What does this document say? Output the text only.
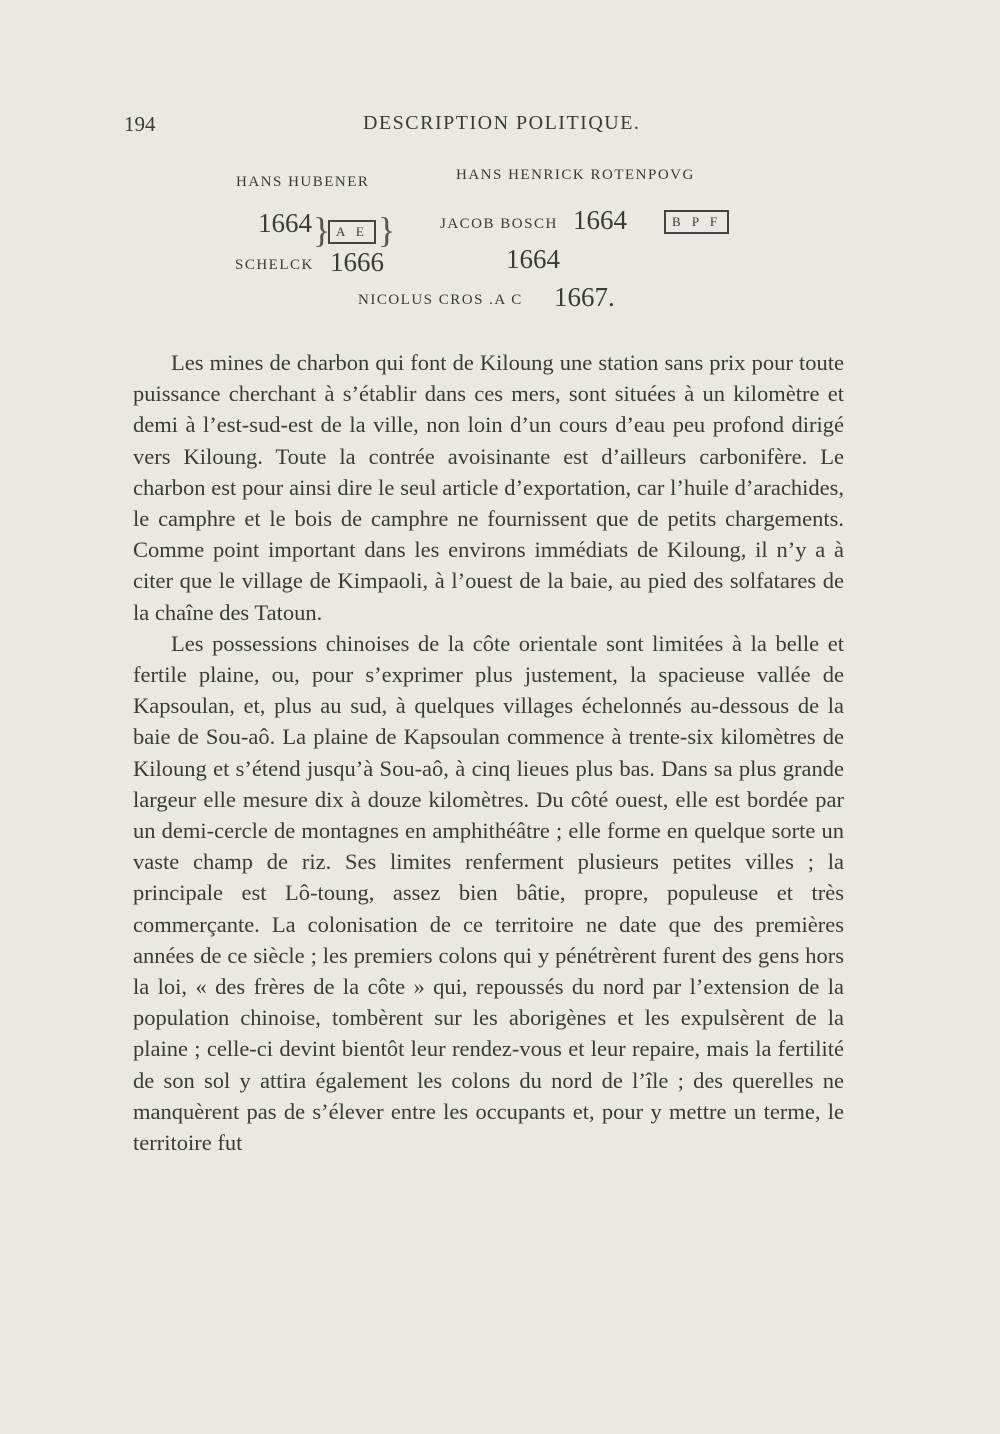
194	DESCRIPTION POLITIQUE.
HANS HUBENER	HANS HENRICK ROTENPOVG
1664 } A E }
SCHELCK 1666
JACOB BOSCH 1664	B P F
1664
NICOLUS CROS .A C 1667.

Les mines de charbon qui font de Kiloung une station sans prix pour toute puissance cherchant à s’établir dans ces mers, sont situées à un kilomètre et demi à l’est-sud-est de la ville, non loin d’un cours d’eau peu profond dirigé vers Kiloung. Toute la contrée avoisinante est d’ailleurs carbonifère. Le charbon est pour ainsi dire le seul article d’exportation, car l’huile d’arachides, le camphre et le bois de camphre ne fournissent que de petits chargements. Comme point important dans les environs immédiats de Kiloung, il n’y a à citer que le village de Kimpaoli, à l’ouest de la baie, au pied des solfatares de la chaîne des Tatoun.

Les possessions chinoises de la côte orientale sont limitées à la belle et fertile plaine, ou, pour s’exprimer plus justement, la spacieuse vallée de Kapsoulan, et, plus au sud, à quelques villages échelonnés au-dessous de la baie de Sou-aô. La plaine de Kapsoulan commence à trente-six kilomètres de Kiloung et s’étend jusqu’à Sou-aô, à cinq lieues plus bas. Dans sa plus grande largeur elle mesure dix à douze kilomètres. Du côté ouest, elle est bordée par un demi-cercle de montagnes en amphithéâtre ; elle forme en quelque sorte un vaste champ de riz. Ses limites renferment plusieurs petites villes ; la principale est Lô-toung, assez bien bâtie, propre, populeuse et très commerçante. La colonisation de ce territoire ne date que des premières années de ce siècle ; les premiers colons qui y pénétrèrent furent des gens hors la loi, « des frères de la côte » qui, repoussés du nord par l’extension de la population chinoise, tombèrent sur les aborigènes et les expulsèrent de la plaine ; celle-ci devint bientôt leur rendez-vous et leur repaire, mais la fertilité de son sol y attira également les colons du nord de l’île ; des querelles ne manquèrent pas de s’élever entre les occupants et, pour y mettre un terme, le territoire fut
